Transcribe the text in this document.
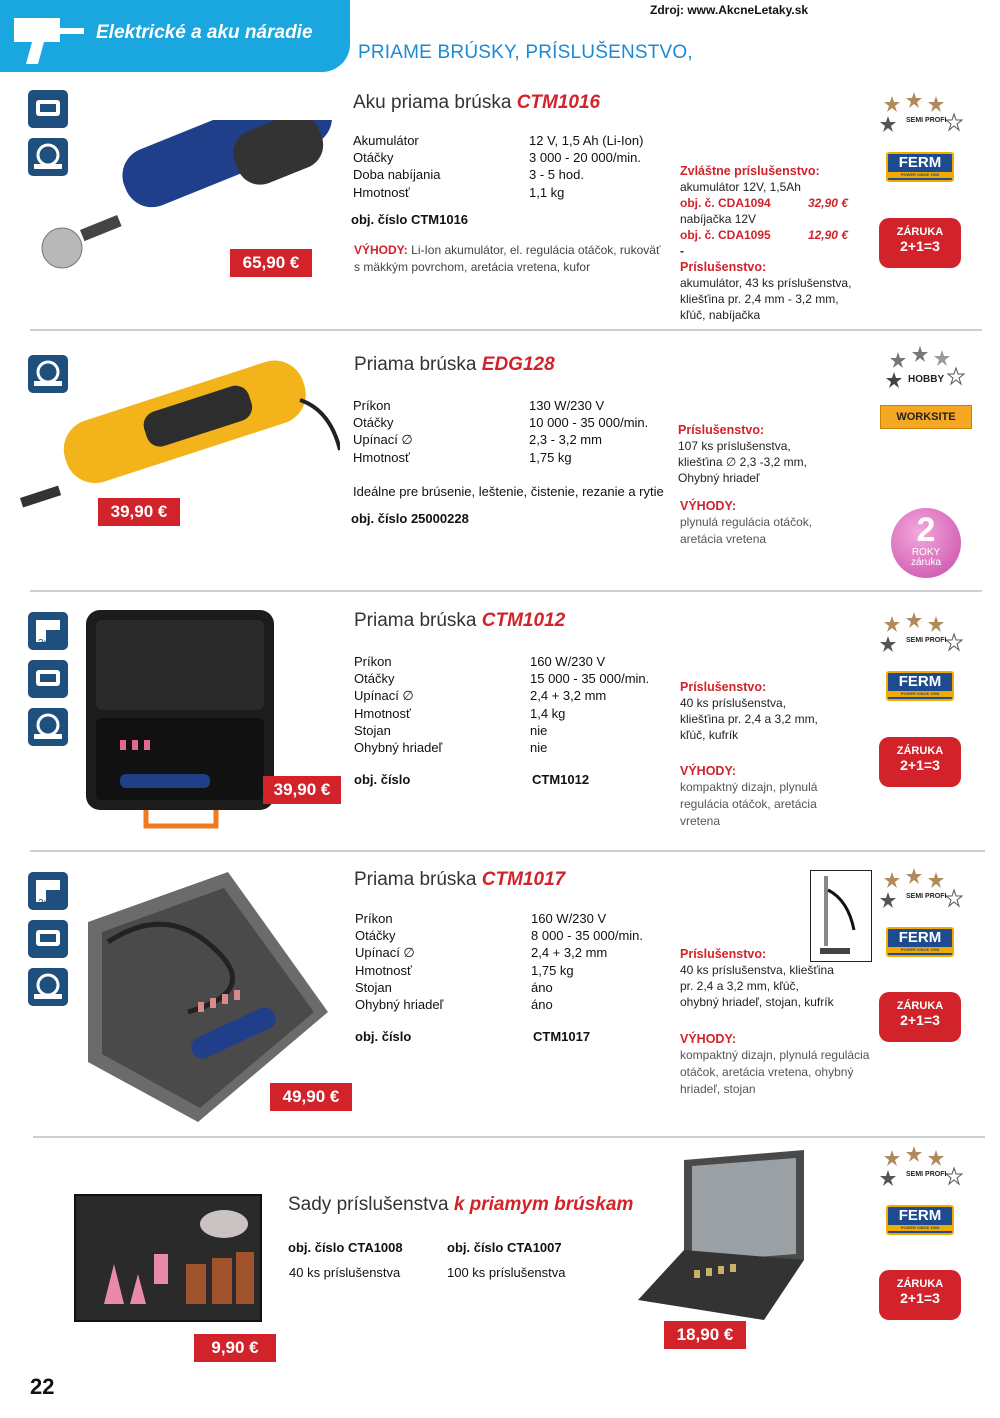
Elektrické a aku náradie
Zdroj: www.AkcneLetaky.sk
PRIAME BRÚSKY, PRÍSLUŠENSTVO,
FERM
65,90 €
Aku priama brúska CTM1016
Akumulátor	12 V, 1,5 Ah (Li-Ion)
Otáčky	3 000 - 20 000/min.
Doba nabíjania	3 - 5 hod.
Hmotnosť	1,1 kg
obj. číslo CTM1016
VÝHODY: Li-Ion akumulátor, el. regulácia otáčok, rukoväť s mäkkým povrchom, aretácia vretena, kufor
Zvláštne príslušenstvo:
akumulátor 12V, 1,5Ah
obj. č. CDA1094	32,90 €
nabíjačka 12V
obj. č. CDA1095	12,90 €
-
Príslušenstvo:
akumulátor, 43 ks príslušenstva, kliešťina pr. 2,4 mm - 3,2 mm, kľúč, nabíjačka
SEMI PROFI
FERM
POWER SINCE 1993
ZÁRUKA
2+1=3
39,90 €
Priama brúska EDG128
Príkon	130 W/230 V
Otáčky	10 000 - 35 000/min.
Upínací ∅	2,3 - 3,2 mm
Hmotnosť	1,75 kg
Ideálne pre brúsenie, leštenie, čistenie, rezanie a rytie
obj. číslo 25000228
Príslušenstvo:
107 ks príslušenstva, kliešťina ∅ 2,3 -3,2 mm, Ohybný hriadeľ
VÝHODY:
plynulá regulácia otáčok, aretácia vretena
HOBBY
WORKSITE
2
ROKY
záruka
3m
39,90 €
Priama brúska CTM1012
Príkon	160 W/230 V
Otáčky	15 000 - 35 000/min.
Upínací ∅	2,4 + 3,2 mm
Hmotnosť	1,4 kg
Stojan	nie
Ohybný hriadeľ	nie
obj. číslo	CTM1012
Príslušenstvo:
40 ks príslušenstva, kliešťina pr. 2,4 a 3,2 mm, kľúč, kufrík
VÝHODY:
kompaktný dizajn, plynulá regulácia otáčok, aretácia vretena
SEMI PROFI
FERM
POWER SINCE 1993
ZÁRUKA
2+1=3
3m
49,90 €
Priama brúska CTM1017
Príkon	160 W/230 V
Otáčky	8 000 - 35 000/min.
Upínací ∅	2,4 + 3,2 mm
Hmotnosť	1,75 kg
Stojan	áno
Ohybný hriadeľ	áno
obj. číslo	CTM1017
Príslušenstvo:
40 ks príslušenstva, kliešťina pr. 2,4 a 3,2 mm, kľúč, ohybný hriadeľ, stojan, kufrík
VÝHODY:
kompaktný dizajn, plynulá regulácia otáčok, aretácia vretena, ohybný hriadeľ, stojan
SEMI PROFI
FERM
POWER SINCE 1993
ZÁRUKA
2+1=3
9,90 €
18,90 €
Sady príslušenstva k priamym brúskam
obj. číslo CTA1008
40 ks príslušenstva
obj. číslo CTA1007
100 ks príslušenstva
SEMI PROFI
FERM
POWER SINCE 1993
ZÁRUKA
2+1=3
22
